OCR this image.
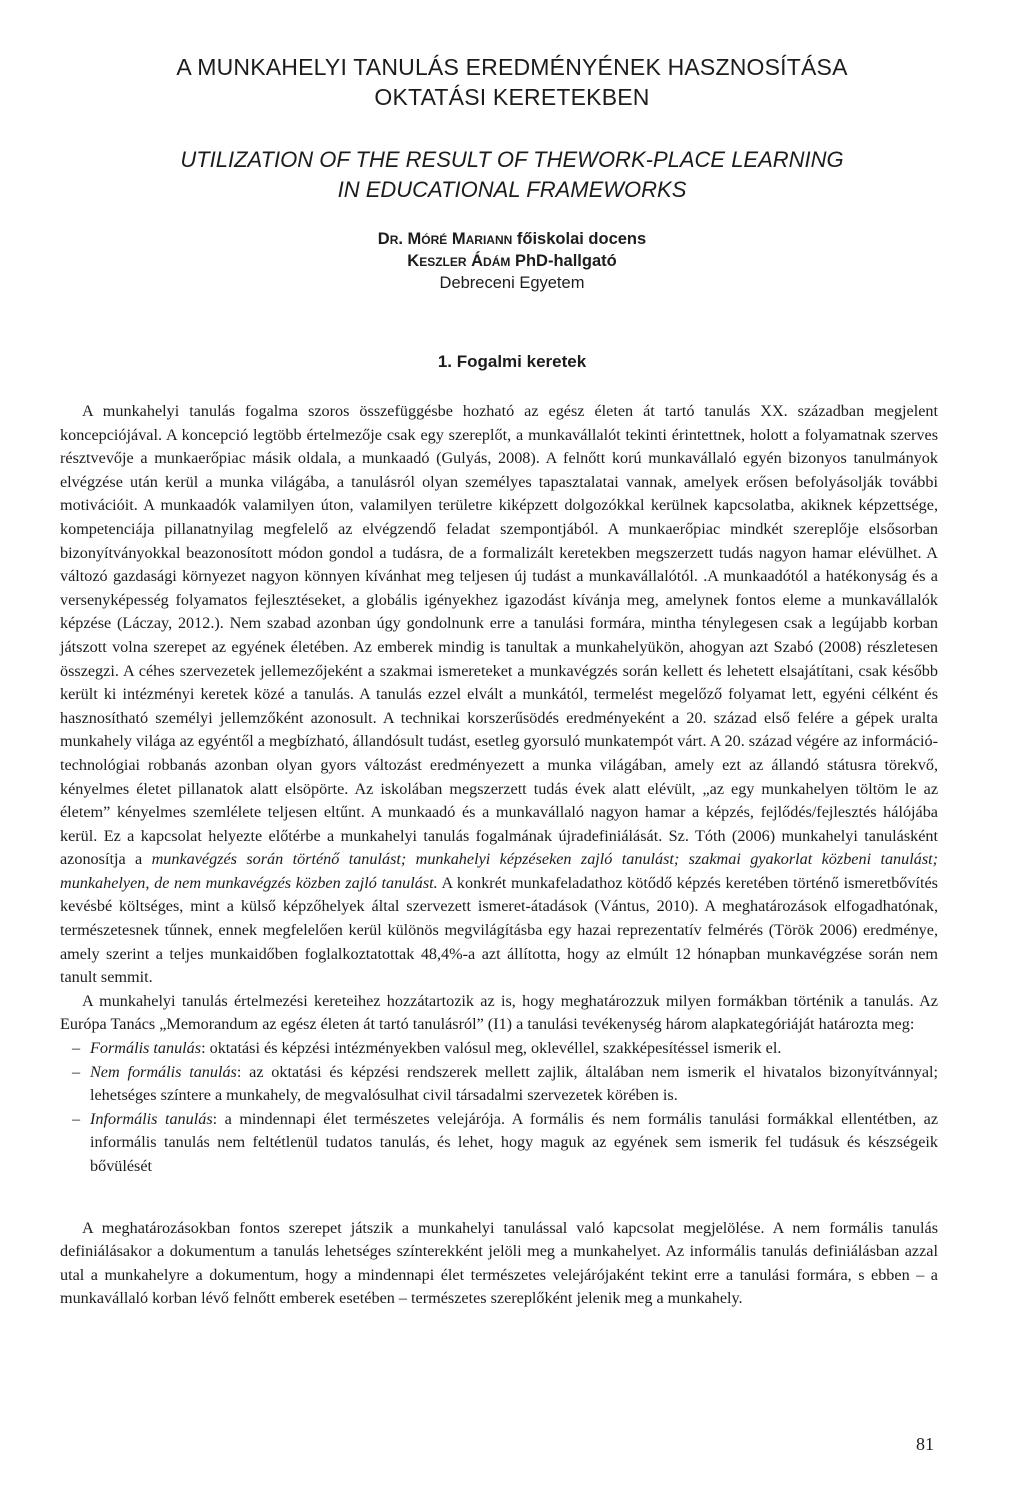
A MUNKAHELYI TANULÁS EREDMÉNYÉNEK HASZNOSÍTÁSA
OKTATÁSI KERETEKBEN
UTILIZATION OF THE RESULT OF THEWORK-PLACE LEARNING
IN EDUCATIONAL FRAMEWORKS
Dr. Móré Mariann főiskolai docens
Keszler Ádám PhD-hallgató
Debreceni Egyetem
1. Fogalmi keretek

A munkahelyi tanulás fogalma szoros összefüggésbe hozható az egész életen át tartó tanulás XX. században megjelent koncepciójával. A koncepció legtöbb értelmezője csak egy szereplőt, a munkavállalót tekinti érintettnek, holott a folyamatnak szerves résztvevője a munkaerőpiac másik oldala, a munkaadó (Gulyás, 2008). A felnőtt korú munkavállaló egyén bizonyos tanulmányok elvégzése után kerül a munka világába, a tanulásról olyan személyes tapasztalatai vannak, amelyek erősen befolyásolják további motivációit. A munkaadók valamilyen úton, valamilyen területre kiképzett dolgozókkal kerülnek kapcsolatba, akiknek képzettsége, kompetenciája pillanatnyilag megfelelő az elvégzendő feladat szempontjából. A munkaerőpiac mindkét szereplője elsősorban bizonyítványokkal beazonosított módon gondol a tudásra, de a formalizált keretekben megszerzett tudás nagyon hamar elévülhet. A változó gazdasági környezet nagyon könnyen kívánhat meg teljesen új tudást a munkavállalótól. .A munkaadótól a hatékonyság és a versenyképesség folyamatos fejlesztéseket, a globális igényekhez igazodást kívánja meg, amelynek fontos eleme a munkavállalók képzése (Láczay, 2012.). Nem szabad azonban úgy gondolnunk erre a tanulási formára, mintha ténylegesen csak a legújabb korban játszott volna szerepet az egyének életében. Az emberek mindig is tanultak a munkahelyükön, ahogyan azt Szabó (2008) részletesen összegzi. A céhes szervezetek jellemezőjeként a szakmai ismereteket a munkavégzés során kellett és lehetett elsajátítani, csak később került ki intézményi keretek közé a tanulás. A tanulás ezzel elvált a munkától, termelést megelőző folyamat lett, egyéni célként és hasznosítható személyi jellemzőként azonosult. A technikai korszerűsödés eredményeként a 20. század első felére a gépek uralta munkahely világa az egyéntől a megbízható, állandósult tudást, esetleg gyorsuló munkatempót várt. A 20. század végére az információ-technológiai robbanás azonban olyan gyors változást eredményezett a munka világában, amely ezt az állandó státusra törekvő, kényelmes életet pillanatok alatt elsöpörte. Az iskolában megszerzett tudás évek alatt elévült, „az egy munkahelyen töltöm le az életem” kényelmes szemlélete teljesen eltűnt. A munkaadó és a munkavállaló nagyon hamar a képzés, fejlődés/fejlesztés hálójába kerül. Ez a kapcsolat helyezte előtérbe a munkahelyi tanulás fogalmának újradefiniálását. Sz. Tóth (2006) munkahelyi tanulásként azonosítja a munkavégzés során történő tanulást; munkahelyi képzéseken zajló tanulást; szakmai gyakorlat közbeni tanulást; munkahelyen, de nem munkavégzés közben zajló tanulást. A konkrét munkafeladathoz kötődő képzés keretében történő ismeretbővítés kevésbé költséges, mint a külső képzőhelyek által szervezett ismeret-átadások (Vántus, 2010). A meghatározások elfogadhatónak, természetesnek tűnnek, ennek megfelelően kerül különös megvilágításba egy hazai reprezentatív felmérés (Török 2006) eredménye, amely szerint a teljes munkaidőben foglalkoztatottak 48,4%-a azt állította, hogy az elmúlt 12 hónapban munkavégzése során nem tanult semmit.

A munkahelyi tanulás értelmezési kereteihez hozzátartozik az is, hogy meghatározzuk milyen formákban történik a tanulás. Az Európa Tanács „Memorandum az egész életen át tartó tanulásról” (I1) a tanulási tevékenység három alapkategóriáját határozta meg:

– Formális tanulás: oktatási és képzési intézményekben valósul meg, oklevéllel, szakképesítéssel ismerik el.
– Nem formális tanulás: az oktatási és képzési rendszerek mellett zajlik, általában nem ismerik el hivatalos bizonyítvánnyal; lehetséges színtere a munkahely, de megvalósulhat civil társadalmi szervezetek körében is.
– Informális tanulás: a mindennapi élet természetes velejárója. A formális és nem formális tanulási formákkal ellentétben, az informális tanulás nem feltétlenül tudatos tanulás, és lehet, hogy maguk az egyének sem ismerik fel tudásuk és készségeik bővülését

A meghatározásokban fontos szerepet játszik a munkahelyi tanulással való kapcsolat megjelölése. A nem formális tanulás definiálásakor a dokumentum a tanulás lehetséges színterekként jelöli meg a munkahelyet. Az informális tanulás definiálásban azzal utal a munkahelyre a dokumentum, hogy a mindennapi élet természetes velejárójaként tekint erre a tanulási formára, s ebben – a munkavállaló korban lévő felnőtt emberek esetében – természetes szereplőként jelenik meg a munkahely.

81
